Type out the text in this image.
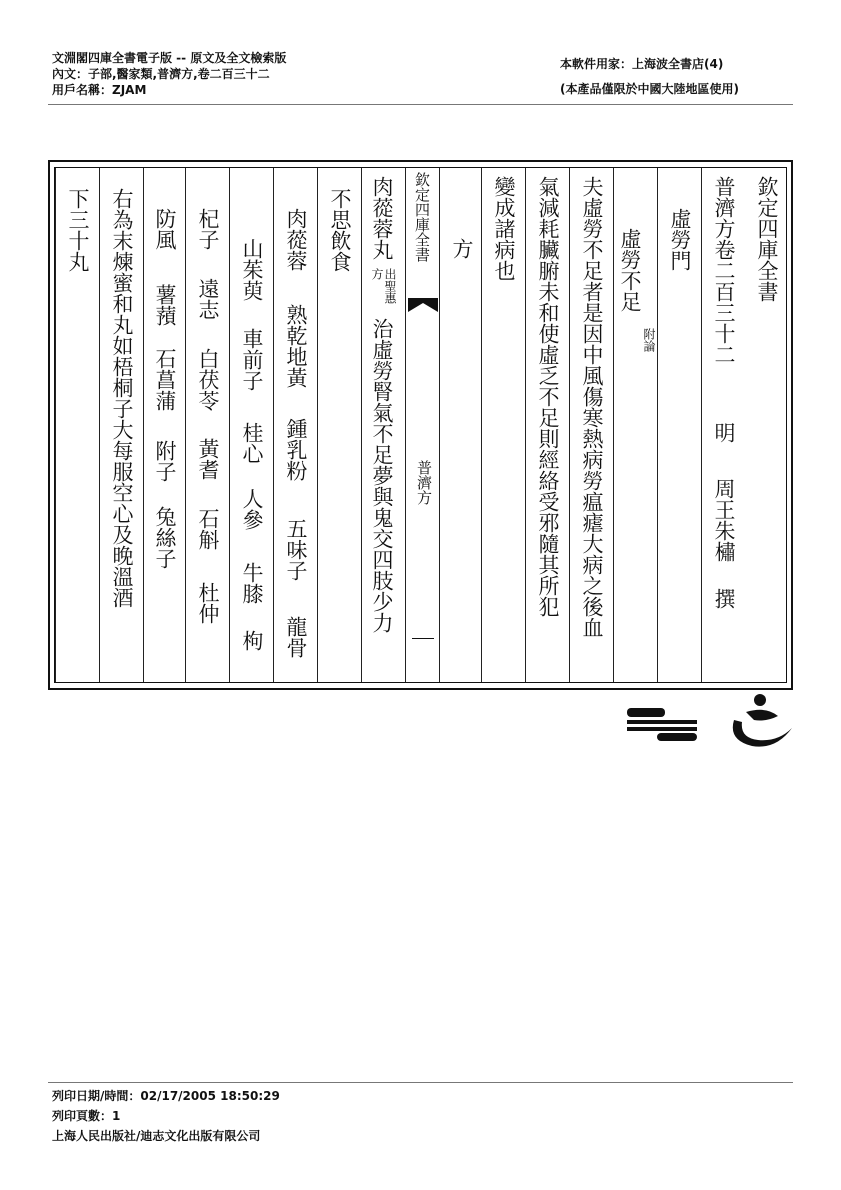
文淵閣四庫全書電子版 -- 原文及全文檢索版
內文：子部,醫家類,普濟方,卷二百三十二
用戶名稱：ZJAM
本軟件用家：上海波全書店(4)
(本產品僅限於中國大陸地區使用)
欽定四庫全書
普濟方卷二百三十二
明
周王朱橚
撰
虛勞門
虛勞不足
附論
夫虛勞不足者是因中風傷寒熱病勞瘟瘧大病之後血
氣減耗臟腑未和使虛乏不足則經絡受邪隨其所犯
變成諸病也
方
欽定四庫全書
普濟方
肉蓯蓉丸
出聖惠方
治虛勞腎氣不足夢與鬼交四肢少力
不思飲食
肉蓯蓉
熟乾地黃
鍾乳粉
五味子
龍骨
山茱萸
車前子
桂心
人參
牛膝
枸
杞子
遠志
白茯苓
黃耆
石斛
杜仲
防風
薯蕷
石菖蒲
附子
兔絲子
右為末煉蜜和丸如梧桐子大每服空心及晚溫酒
下三十丸
列印日期/時間：02/17/2005 18:50:29
列印頁數：1
上海人民出版社/迪志文化出版有限公司
